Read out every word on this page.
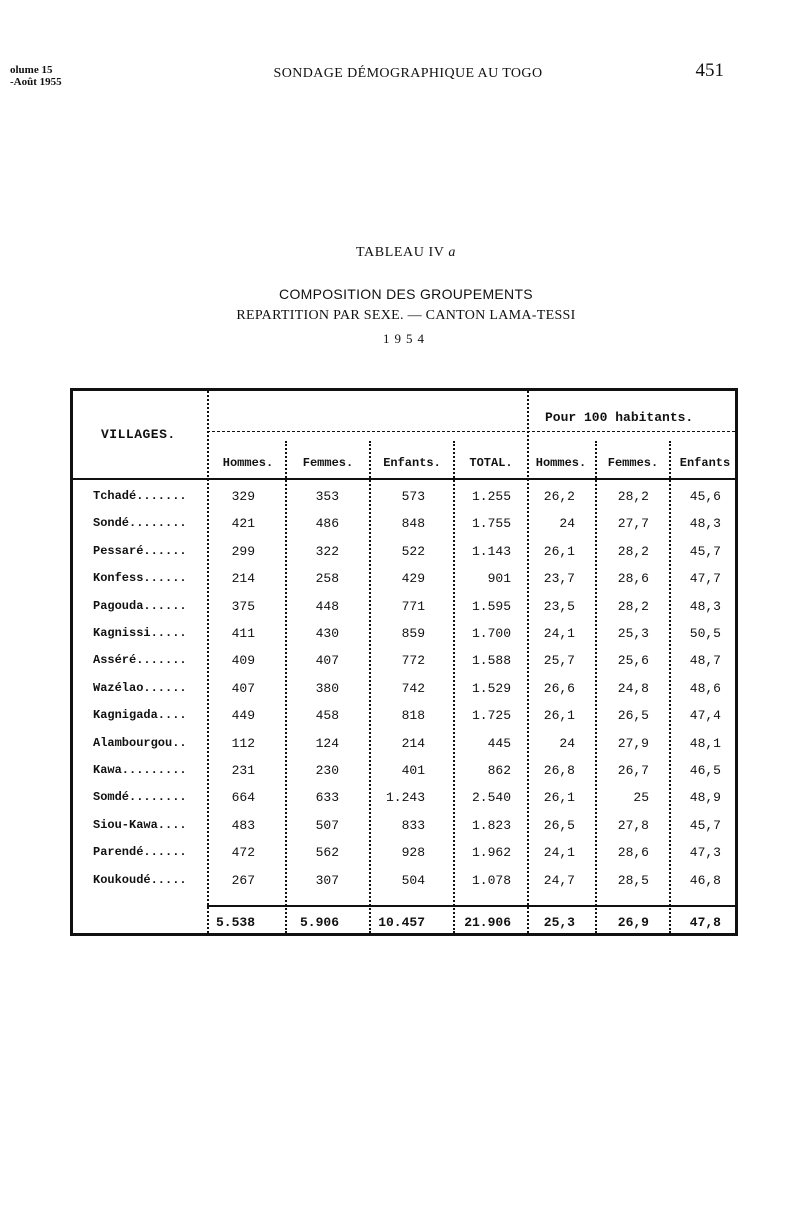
olume 15
-Août 1955
SONDAGE DÉMOGRAPHIQUE AU TOGO	451
TABLEAU IV a
COMPOSITION DES GROUPEMENTS
REPARTITION PAR SEXE. — CANTON LAMA-TESSI
1954
VILLAGES.
Pour 100 habitants.
Hommes.	Femmes.	Enfants.	TOTAL.	Hommes.	Femmes.	Enfants
Tchadé.......	329	353	573	1.255	26,2	28,2	45,6
Sondé........	421	486	848	1.755	24	27,7	48,3
Pessaré......	299	322	522	1.143	26,1	28,2	45,7
Konfess......	214	258	429	901	23,7	28,6	47,7
Pagouda......	375	448	771	1.595	23,5	28,2	48,3
Kagnissi.....	411	430	859	1.700	24,1	25,3	50,5
Asséré.......	409	407	772	1.588	25,7	25,6	48,7
Wazélao......	407	380	742	1.529	26,6	24,8	48,6
Kagnigada....	449	458	818	1.725	26,1	26,5	47,4
Alambourgou..	112	124	214	445	24	27,9	48,1
Kawa.........	231	230	401	862	26,8	26,7	46,5
Somdé........	664	633	1.243	2.540	26,1	25	48,9
Siou-Kawa....	483	507	833	1.823	26,5	27,8	45,7
Parendé......	472	562	928	1.962	24,1	28,6	47,3
Koukoudé.....	267	307	504	1.078	24,7	28,5	46,8
5.538	5.906	10.457	21.906	25,3	26,9	47,8
